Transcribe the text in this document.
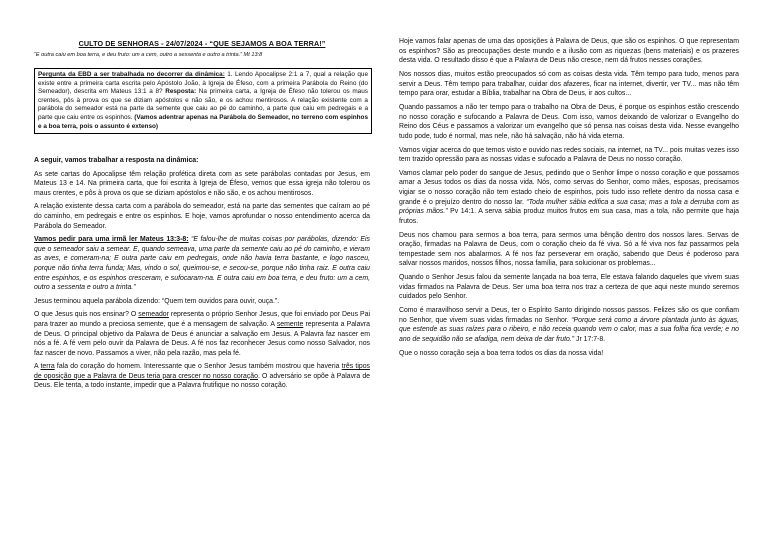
CULTO DE SENHORAS - 24/07/2024 - “QUE SEJAMOS A BOA TERRA!”
“E outra caiu em boa terra, e deu fruto: um a cem, outro a sessenta e outro a trinta.” Mt 13:8
Pergunta da EBD a ser trabalhada no decorrer da dinâmica: 1. Lendo Apocalipse 2:1 a 7, qual a relação que existe entre a primeira carta escrita pelo Apóstolo João, à Igreja de Éfeso, com a primeira Parábola do Reino (do Semeador), descrita em Mateus 13:1 a 8? Resposta: Na primeira carta, a Igreja de Éfeso não tolerou os maus crentes, pôs à prova os que se diziam apóstolos e não são, e os achou mentirosos. A relação existente com a parábola do semeador está na parte da semente que caiu ao pé do caminho, a parte que caiu em pedregais e a parte que caiu entre os espinhos. (Vamos adentrar apenas na Parábola do Semeador, no terreno com espinhos e a boa terra, pois o assunto é extenso)

A seguir, vamos trabalhar a resposta na dinâmica:

As sete cartas do Apocalipse têm relação profética direta com as sete parábolas contadas por Jesus, em Mateus 13 e 14. Na primeira carta, que foi escrita à Igreja de Éfeso, vemos que essa igreja não tolerou os maus crentes, e pôs à prova os que se diziam apóstolos e não são, e os achou mentirosos.

A relação existente dessa carta com a parábola do semeador, está na parte das sementes que caíram ao pé do caminho, em pedregais e entre os espinhos. E hoje, vamos aprofundar o nosso entendimento acerca da Parábola do Semeador.

Vamos pedir para uma irmã ler Mateus 13:3-8: “E falou-lhe de muitas coisas por parábolas, dizendo: Eis que o semeador saiu a semear. E, quando semeava, uma parte da semente caiu ao pé do caminho, e vieram as aves, e comeram-na; E outra parte caiu em pedregais, onde não havia terra bastante, e logo nasceu, porque não tinha terra funda; Mas, vindo o sol, queimou-se, e secou-se, porque não tinha raiz. E outra caiu entre espinhos, e os espinhos cresceram, e sufocaram-na. E outra caiu em boa terra, e deu fruto: um a cem, outro a sessenta e outro a trinta.”

Jesus terminou aquela parábola dizendo: “Quem tem ouvidos para ouvir, ouça.”.

O que Jesus quis nos ensinar? O semeador representa o próprio Senhor Jesus, que foi enviado por Deus Pai para trazer ao mundo a preciosa semente, que é a mensagem de salvação. A semente representa a Palavra de Deus. O principal objetivo da Palavra de Deus é anunciar a salvação em Jesus. A Palavra faz nascer em nós a fé. A fé vem pelo ouvir da Palavra de Deus. A fé nos faz reconhecer Jesus como nosso Salvador, nos faz nascer de novo. Passamos a viver, não pela razão, mas pela fé.

A terra fala do coração do homem. Interessante que o Senhor Jesus também mostrou que haveria três tipos de oposição que a Palavra de Deus teria para crescer no nosso coração. O adversário se opõe à Palavra de Deus. Ele tenta, a todo instante, impedir que a Palavra frutifique no nosso coração.

Hoje vamos falar apenas de uma das oposições à Palavra de Deus, que são os espinhos. O que representam os espinhos? São as preocupações deste mundo e a ilusão com as riquezas (bens materiais) e os prazeres desta vida. O resultado disso é que a Palavra de Deus não cresce, nem dá frutos nesses corações.

Nos nossos dias, muitos estão preocupados só com as coisas desta vida. Têm tempo para tudo, menos para servir a Deus. Têm tempo para trabalhar, cuidar dos afazeres, ficar na internet, divertir, ver TV... mas não têm tempo para orar, estudar a Bíblia, trabalhar na Obra de Deus, ir aos cultos...

Quando passamos a não ter tempo para o trabalho na Obra de Deus, é porque os espinhos estão crescendo no nosso coração e sufocando a Palavra de Deus. Com isso, vamos deixando de valorizar o Evangelho do Reino dos Céus e passamos a valorizar um evangelho que só pensa nas coisas desta vida. Nesse evangelho tudo pode, tudo é normal, mas nele, não há salvação, não há vida eterna.

Vamos vigiar acerca do que temos visto e ouvido nas redes sociais, na internet, na TV... pois muitas vezes isso tem trazido opressão para as nossas vidas e sufocado a Palavra de Deus no nosso coração.

Vamos clamar pelo poder do sangue de Jesus, pedindo que o Senhor limpe o nosso coração e que possamos amar a Jesus todos os dias da nossa vida. Nós, como servas do Senhor, como mães, esposas, precisamos vigiar se o nosso coração não tem estado cheio de espinhos, pois tudo isso reflete dentro da nossa casa e grande é o prejuízo dentro do nosso lar. “Toda mulher sábia edifica a sua casa; mas a tola a derruba com as próprias mãos.” Pv 14:1. A serva sábia produz muitos frutos em sua casa, mas a tola, não permite que haja frutos.

Deus nos chamou para sermos a boa terra, para sermos uma bênção dentro dos nossos lares. Servas de oração, firmadas na Palavra de Deus, com o coração cheio da fé viva. Só a fé viva nos faz passarmos pela tempestade sem nos abalarmos. A fé nos faz perseverar em oração, sabendo que Deus é poderoso para salvar nossos maridos, nossos filhos, nossa família, para solucionar os problemas...

Quando o Senhor Jesus falou da semente lançada na boa terra, Ele estava falando daqueles que vivem suas vidas firmados na Palavra de Deus. Ser uma boa terra nos traz a certeza de que aqui neste mundo seremos cuidados pelo Senhor.

Como é maravilhoso servir a Deus, ter o Espírito Santo dirigindo nossos passos. Felizes são os que confiam no Senhor, que vivem suas vidas firmadas no Senhor. “Porque será como a árvore plantada junto às águas, que estende as suas raízes para o ribeiro, e não receia quando vem o calor, mas a sua folha fica verde; e no ano de sequidão não se afadiga, nem deixa de dar fruto.” Jr 17:7-8.

Que o nosso coração seja a boa terra todos os dias da nossa vida!
